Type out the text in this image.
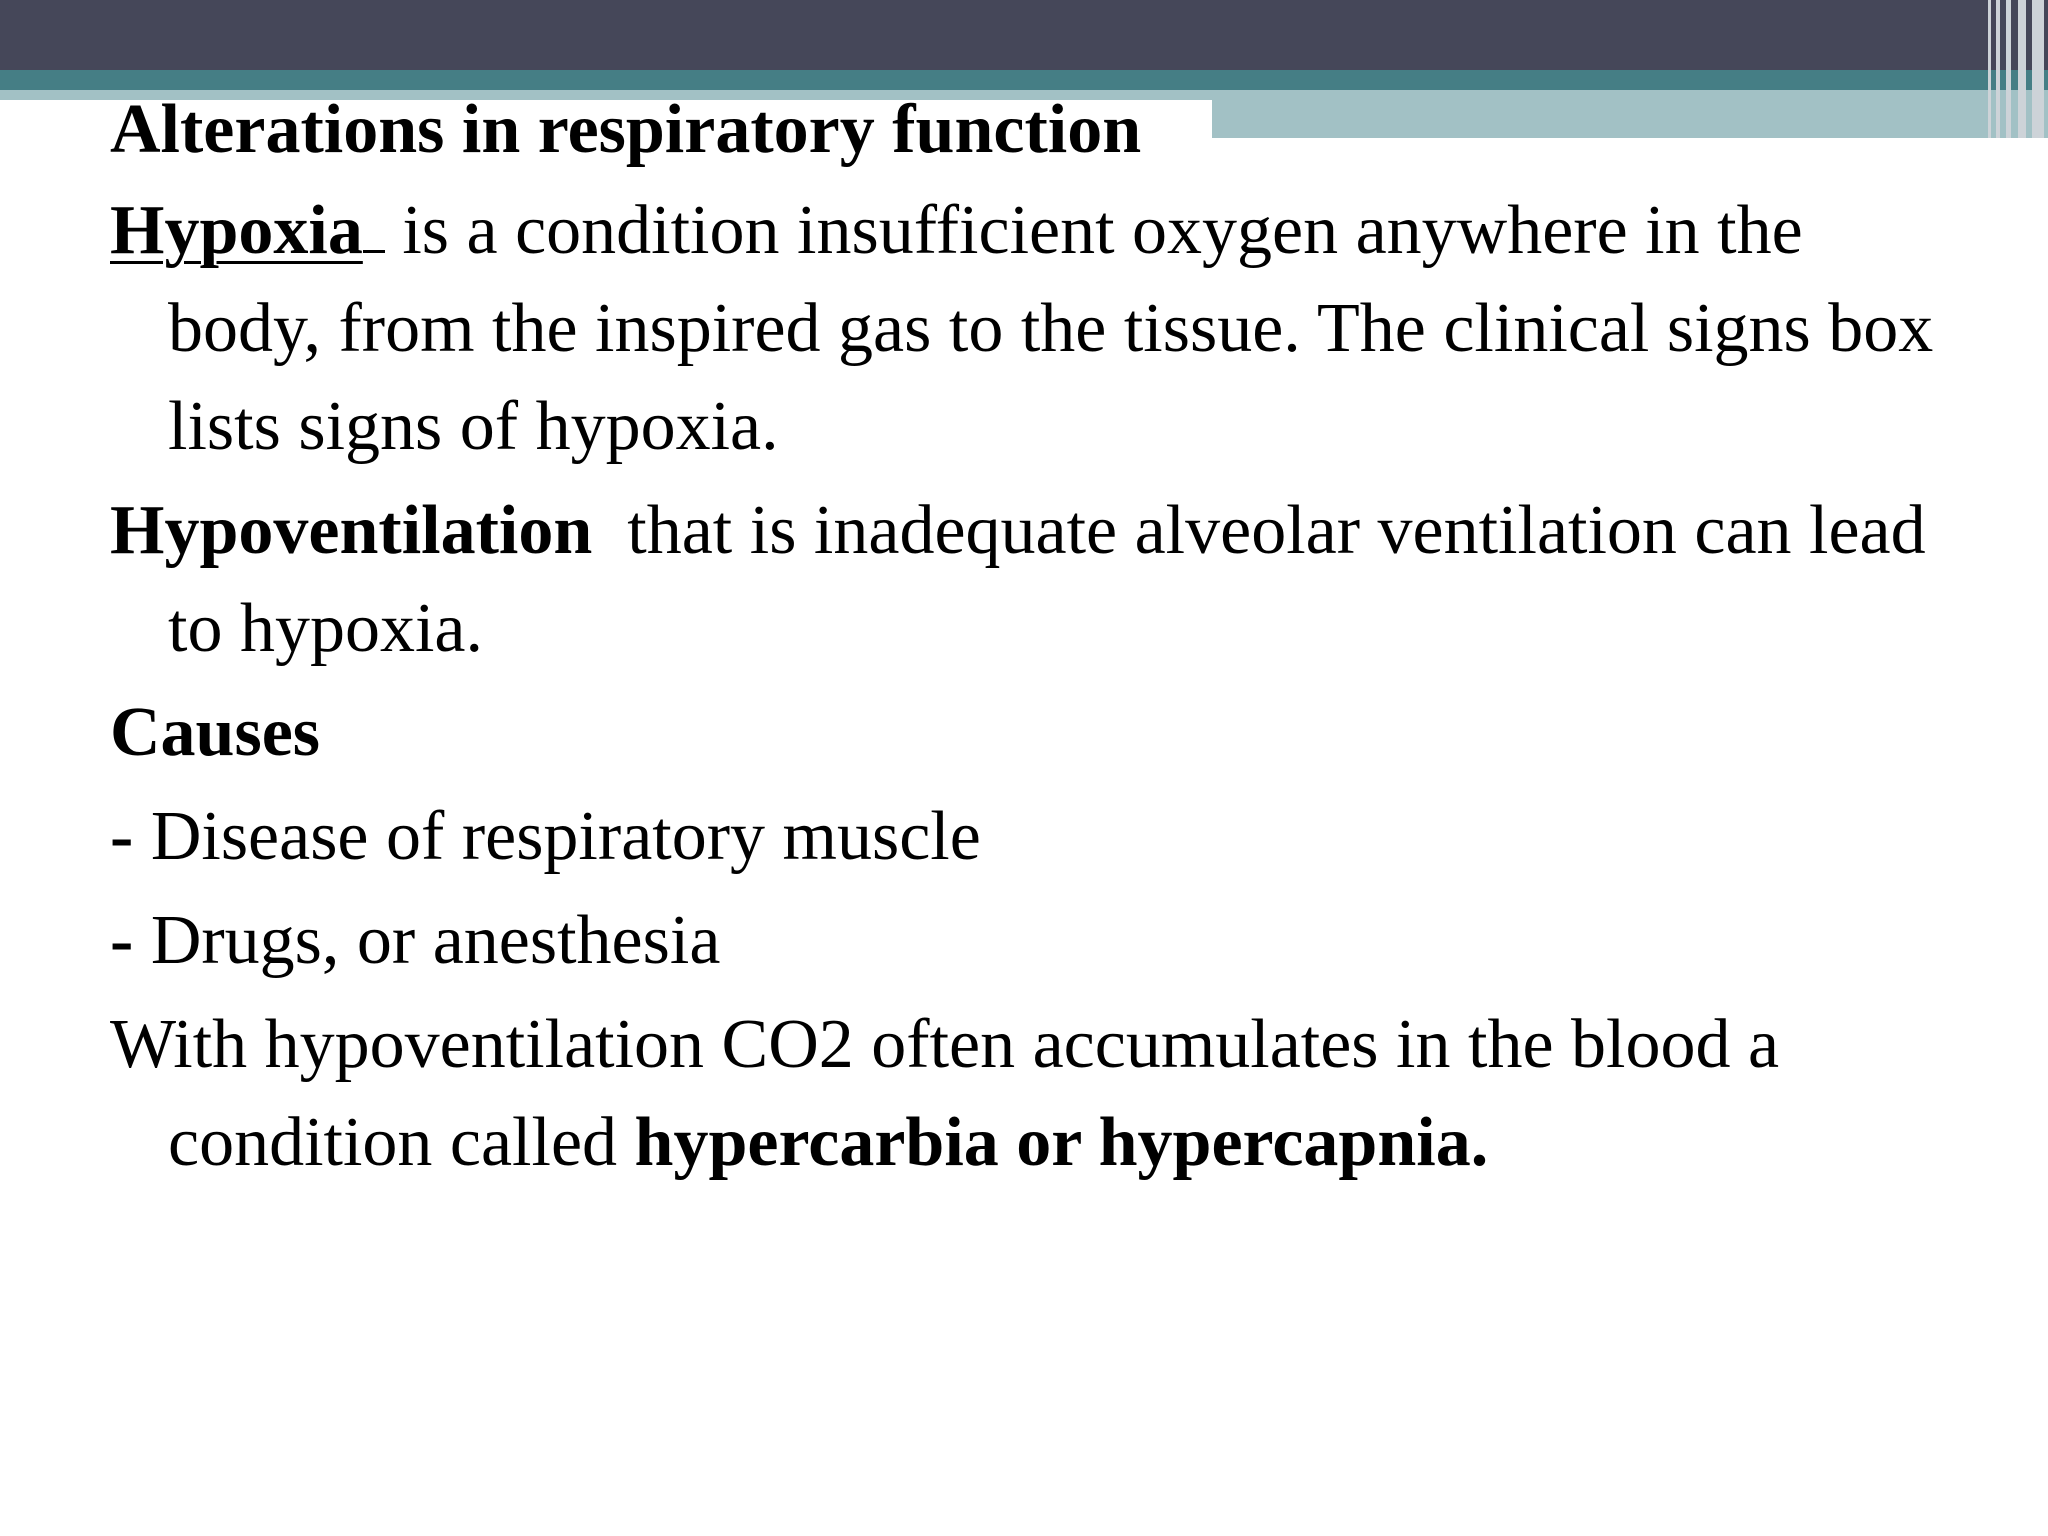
Alterations in respiratory function

Hypoxia is a condition insufficient oxygen anywhere in the body, from the inspired gas to the tissue. The clinical signs box lists signs of hypoxia.

Hypoventilation  that is inadequate alveolar ventilation can lead to hypoxia.

Causes

- Disease of respiratory muscle

- Drugs, or anesthesia

With hypoventilation CO2 often accumulates in the blood a condition called hypercarbia or hypercapnia.
